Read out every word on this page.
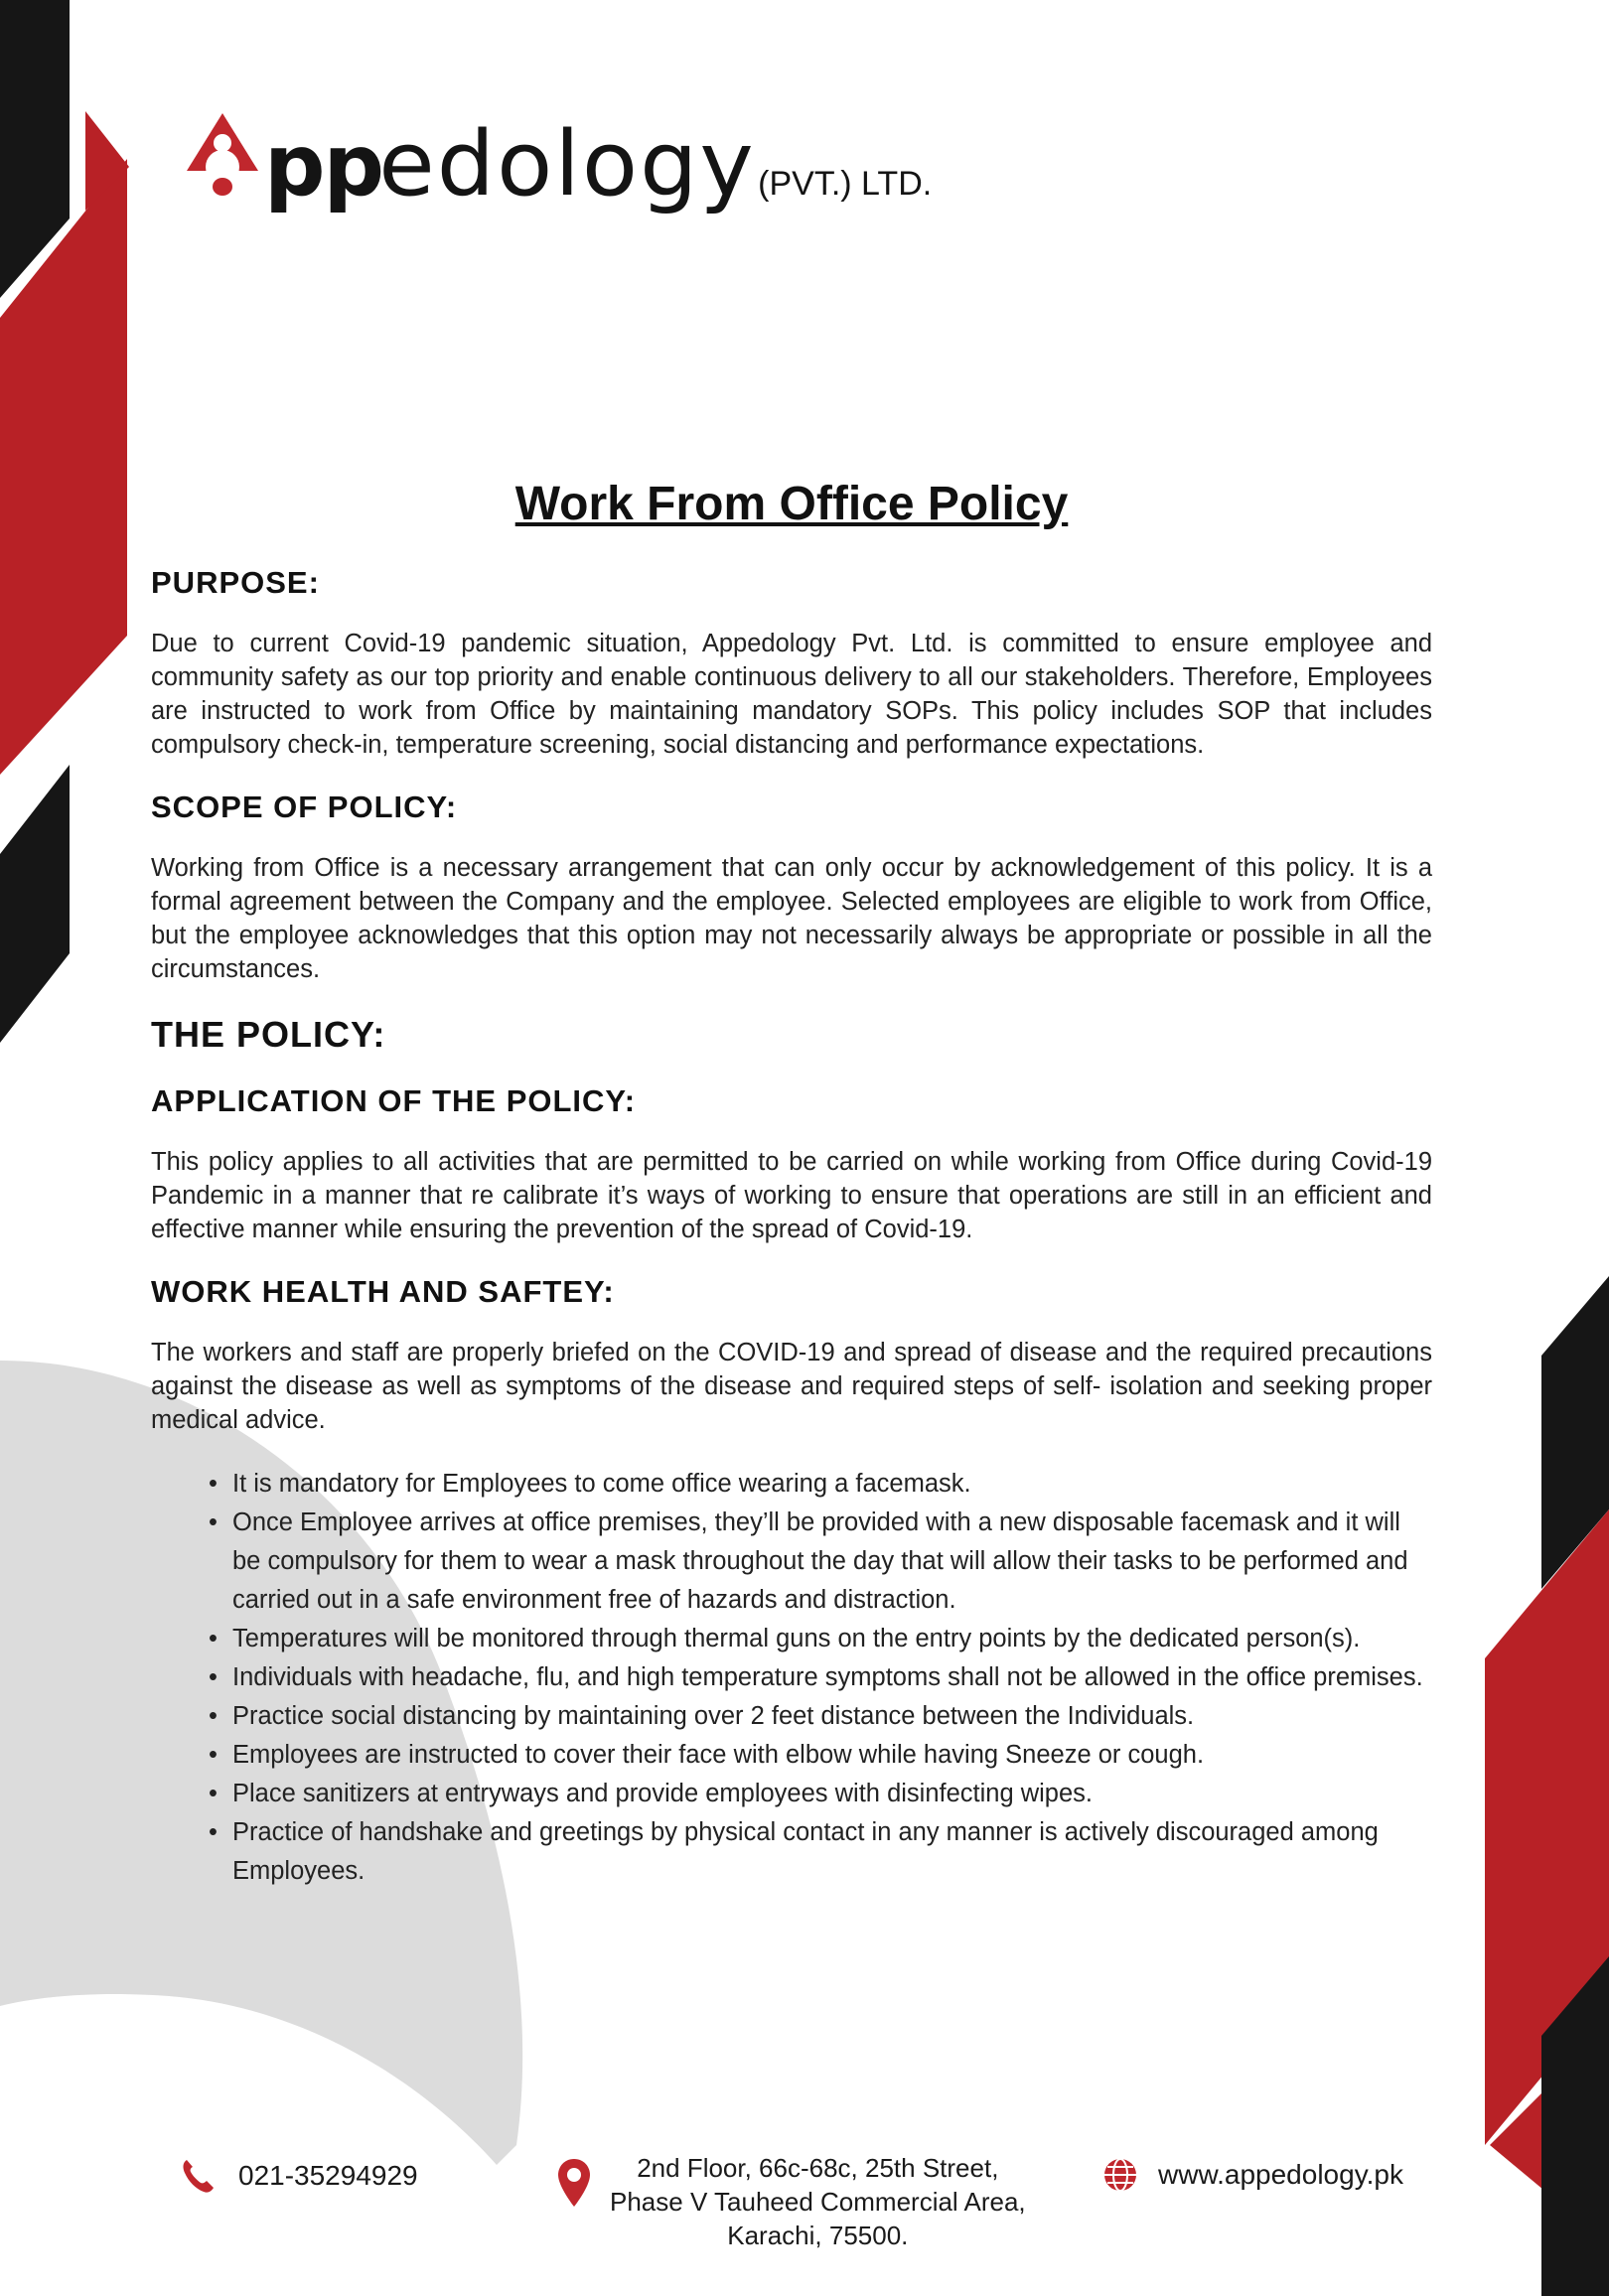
pp
edology (PVT.) LTD.
Work From Office Policy
PURPOSE:

Due to current Covid-19 pandemic situation, Appedology Pvt. Ltd. is committed to ensure employee and community safety as our top priority and enable continuous delivery to all our stakeholders. Therefore, Employees are instructed to work from Office by maintaining mandatory SOPs. This policy includes SOP that includes compulsory check-in, temperature screening, social distancing and performance expectations.

SCOPE OF POLICY:

Working from Office is a necessary arrangement that can only occur by acknowledgement of this policy. It is a formal agreement between the Company and the employee. Selected employees are eligible to work from Office, but the employee acknowledges that this option may not necessarily always be appropriate or possible in all the circumstances.

THE POLICY:
APPLICATION OF THE POLICY:

This policy applies to all activities that are permitted to be carried on while working from Office during Covid-19 Pandemic in a manner that re calibrate it’s ways of working to ensure that operations are still in an efficient and effective manner while ensuring the prevention of the spread of Covid-19.

WORK HEALTH AND SAFTEY:

The workers and staff are properly briefed on the COVID-19 and spread of disease and the required precautions against the disease as well as symptoms of the disease and required steps of self- isolation and seeking proper medical advice.

• It is mandatory for Employees to come office wearing a facemask.
• Once Employee arrives at office premises, they’ll be provided with a new disposable facemask and it will be compulsory for them to wear a mask throughout the day that will allow their tasks to be performed and carried out in a safe environment free of hazards and distraction.
• Temperatures will be monitored through thermal guns on the entry points by the dedicated person(s).
• Individuals with headache, flu, and high temperature symptoms shall not be allowed in the office premises.
• Practice social distancing by maintaining over 2 feet distance between the Individuals.
• Employees are instructed to cover their face with elbow while having Sneeze or cough.
• Place sanitizers at entryways and provide employees with disinfecting wipes.
• Practice of handshake and greetings by physical contact in any manner is actively discouraged among Employees.
021-35294929	2nd Floor, 66c-68c, 25th Street,
Phase V Tauheed Commercial Area,
Karachi, 75500.
www.appedology.pk
